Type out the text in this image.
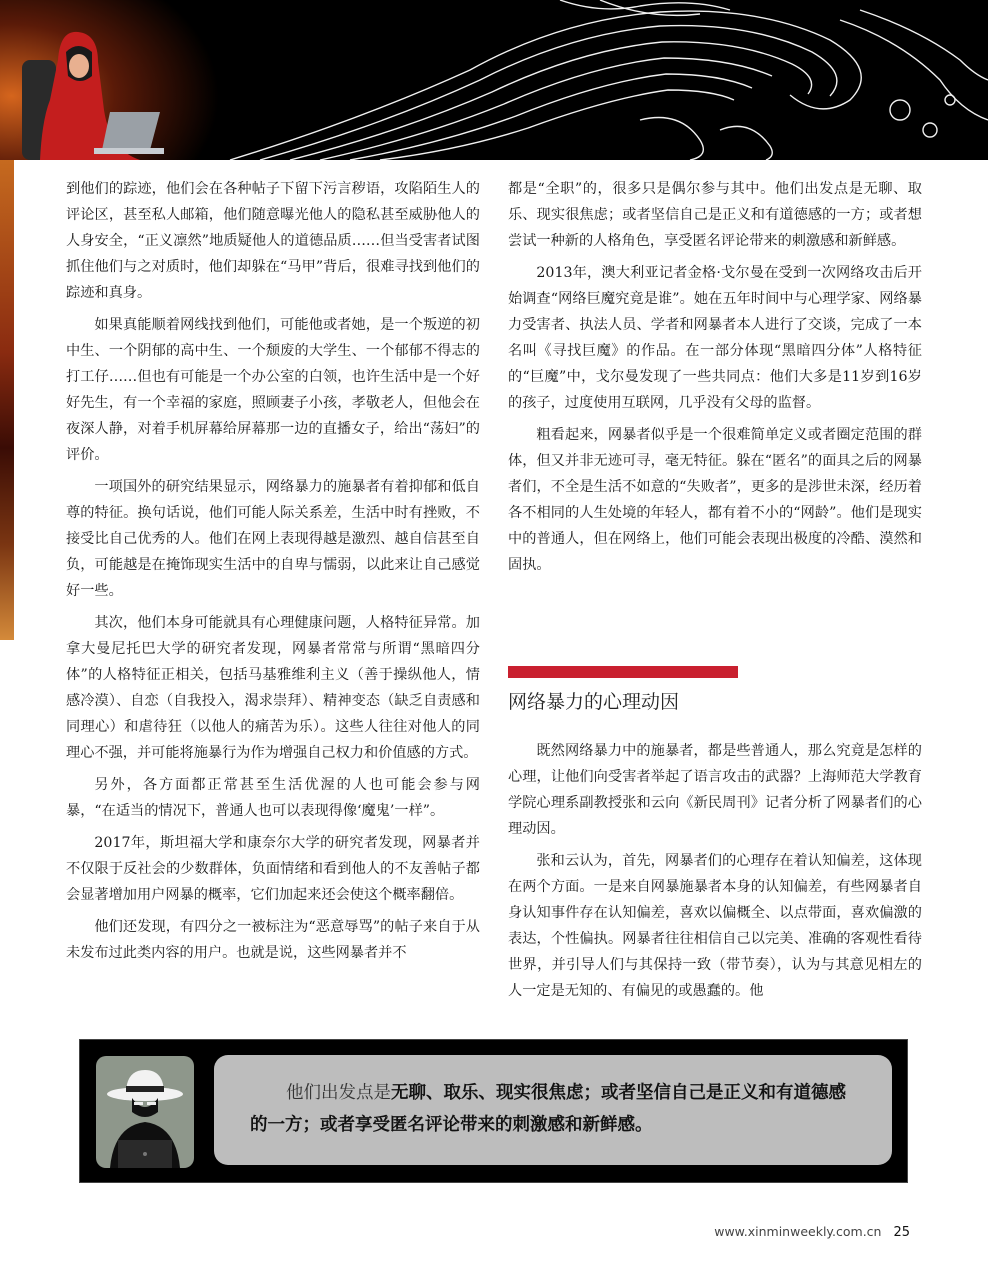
到他们的踪迹，他们会在各种帖子下留下污言秽语，攻陷陌生人的评论区，甚至私人邮箱，他们随意曝光他人的隐私甚至威胁他人的人身安全，“正义凛然”地质疑他人的道德品质……但当受害者试图抓住他们与之对质时，他们却躲在“马甲”背后，很难寻找到他们的踪迹和真身。

如果真能顺着网线找到他们，可能他或者她，是一个叛逆的初中生、一个阴郁的高中生、一个颓废的大学生、一个郁郁不得志的打工仔……但也有可能是一个办公室的白领，也许生活中是一个好好先生，有一个幸福的家庭，照顾妻子小孩，孝敬老人，但他会在夜深人静，对着手机屏幕给屏幕那一边的直播女子，给出“荡妇”的评价。

一项国外的研究结果显示，网络暴力的施暴者有着抑郁和低自尊的特征。换句话说，他们可能人际关系差，生活中时有挫败，不接受比自己优秀的人。他们在网上表现得越是激烈、越自信甚至自负，可能越是在掩饰现实生活中的自卑与懦弱，以此来让自己感觉好一些。

其次，他们本身可能就具有心理健康问题，人格特征异常。加拿大曼尼托巴大学的研究者发现，网暴者常常与所谓“黑暗四分体”的人格特征正相关，包括马基雅维利主义（善于操纵他人，情感冷漠）、自恋（自我投入，渴求崇拜）、精神变态（缺乏自责感和同理心）和虐待狂（以他人的痛苦为乐）。这些人往往对他人的同理心不强，并可能将施暴行为作为增强自己权力和价值感的方式。

另外，各方面都正常甚至生活优渥的人也可能会参与网暴，“在适当的情况下，普通人也可以表现得像‘魔鬼’一样”。

2017年，斯坦福大学和康奈尔大学的研究者发现，网暴者并不仅限于反社会的少数群体，负面情绪和看到他人的不友善帖子都会显著增加用户网暴的概率，它们加起来还会使这个概率翻倍。

他们还发现，有四分之一被标注为“恶意辱骂”的帖子来自于从未发布过此类内容的用户。也就是说，这些网暴者并不

都是“全职”的，很多只是偶尔参与其中。他们出发点是无聊、取乐、现实很焦虑；或者坚信自己是正义和有道德感的一方；或者想尝试一种新的人格角色，享受匿名评论带来的刺激感和新鲜感。

2013年，澳大利亚记者金格·戈尔曼在受到一次网络攻击后开始调查“网络巨魔究竟是谁”。她在五年时间中与心理学家、网络暴力受害者、执法人员、学者和网暴者本人进行了交谈，完成了一本名叫《寻找巨魔》的作品。在一部分体现“黑暗四分体”人格特征的“巨魔”中，戈尔曼发现了一些共同点：他们大多是11岁到16岁的孩子，过度使用互联网，几乎没有父母的监督。

粗看起来，网暴者似乎是一个很难简单定义或者圈定范围的群体，但又并非无迹可寻，毫无特征。躲在“匿名”的面具之后的网暴者们，不全是生活不如意的“失败者”，更多的是涉世未深，经历着各不相同的人生处境的年轻人，都有着不小的“网龄”。他们是现实中的普通人，但在网络上，他们可能会表现出极度的冷酷、漠然和固执。

网络暴力的心理动因

既然网络暴力中的施暴者，都是些普通人，那么究竟是怎样的心理，让他们向受害者举起了语言攻击的武器？上海师范大学教育学院心理系副教授张和云向《新民周刊》记者分析了网暴者们的心理动因。

张和云认为，首先，网暴者们的心理存在着认知偏差，这体现在两个方面。一是来自网暴施暴者本身的认知偏差，有些网暴者自身认知事件存在认知偏差，喜欢以偏概全、以点带面，喜欢偏激的表达，个性偏执。网暴者往往相信自己以完美、准确的客观性看待世界，并引导人们与其保持一致（带节奏），认为与其意见相左的人一定是无知的、有偏见的或愚蠢的。他

他们出发点是无聊、取乐、现实很焦虑；或者坚信自己是正义和有道德感的一方；或者享受匿名评论带来的刺激感和新鲜感。
www.xinminweekly.com.cn 25
